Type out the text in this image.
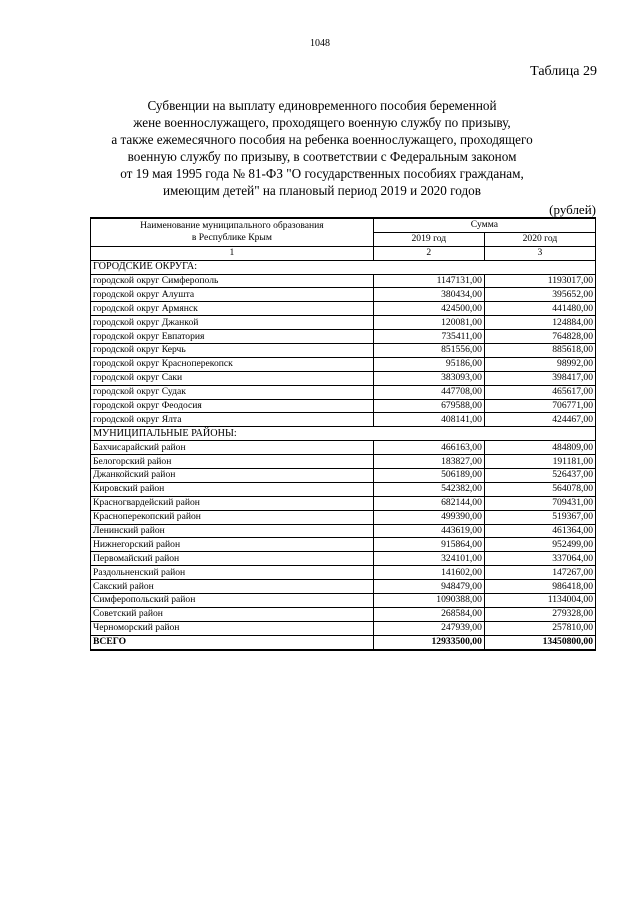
1048
Таблица 29
Субвенции на выплату единовременного пособия беременной
жене военнослужащего, проходящего военную службу по призыву,
а также ежемесячного пособия на ребенка военнослужащего, проходящего
военную службу по призыву, в соответствии с Федеральным законом
от 19 мая 1995 года № 81-ФЗ "О государственных пособиях гражданам,
имеющим детей" на плановый период 2019 и 2020 годов
(рублей)
Наименование муниципального образования
в Республике Крым	Сумма	
	2019 год	2020 год
1	2	3
ГОРОДСКИЕ ОКРУГА:		
городской округ Симферополь	1147131,00	1193017,00
городской округ Алушта	380434,00	395652,00
городской округ Армянск	424500,00	441480,00
городской округ Джанкой	120081,00	124884,00
городской округ Евпатория	735411,00	764828,00
городской округ Керчь	851556,00	885618,00
городской округ Красноперекопск	95186,00	98992,00
городской округ Саки	383093,00	398417,00
городской округ Судак	447708,00	465617,00
городской округ Феодосия	679588,00	706771,00
городской округ Ялта	408141,00	424467,00
МУНИЦИПАЛЬНЫЕ РАЙОНЫ:		
Бахчисарайский район	466163,00	484809,00
Белогорский район	183827,00	191181,00
Джанкойский район	506189,00	526437,00
Кировский район	542382,00	564078,00
Красногвардейский район	682144,00	709431,00
Красноперекопский район	499390,00	519367,00
Ленинский район	443619,00	461364,00
Нижнегорский район	915864,00	952499,00
Первомайский район	324101,00	337064,00
Раздольненский район	141602,00	147267,00
Сакский район	948479,00	986418,00
Симферопольский район	1090388,00	1134004,00
Советский район	268584,00	279328,00
Черноморский район	247939,00	257810,00
ВСЕГО	12933500,00	13450800,00
